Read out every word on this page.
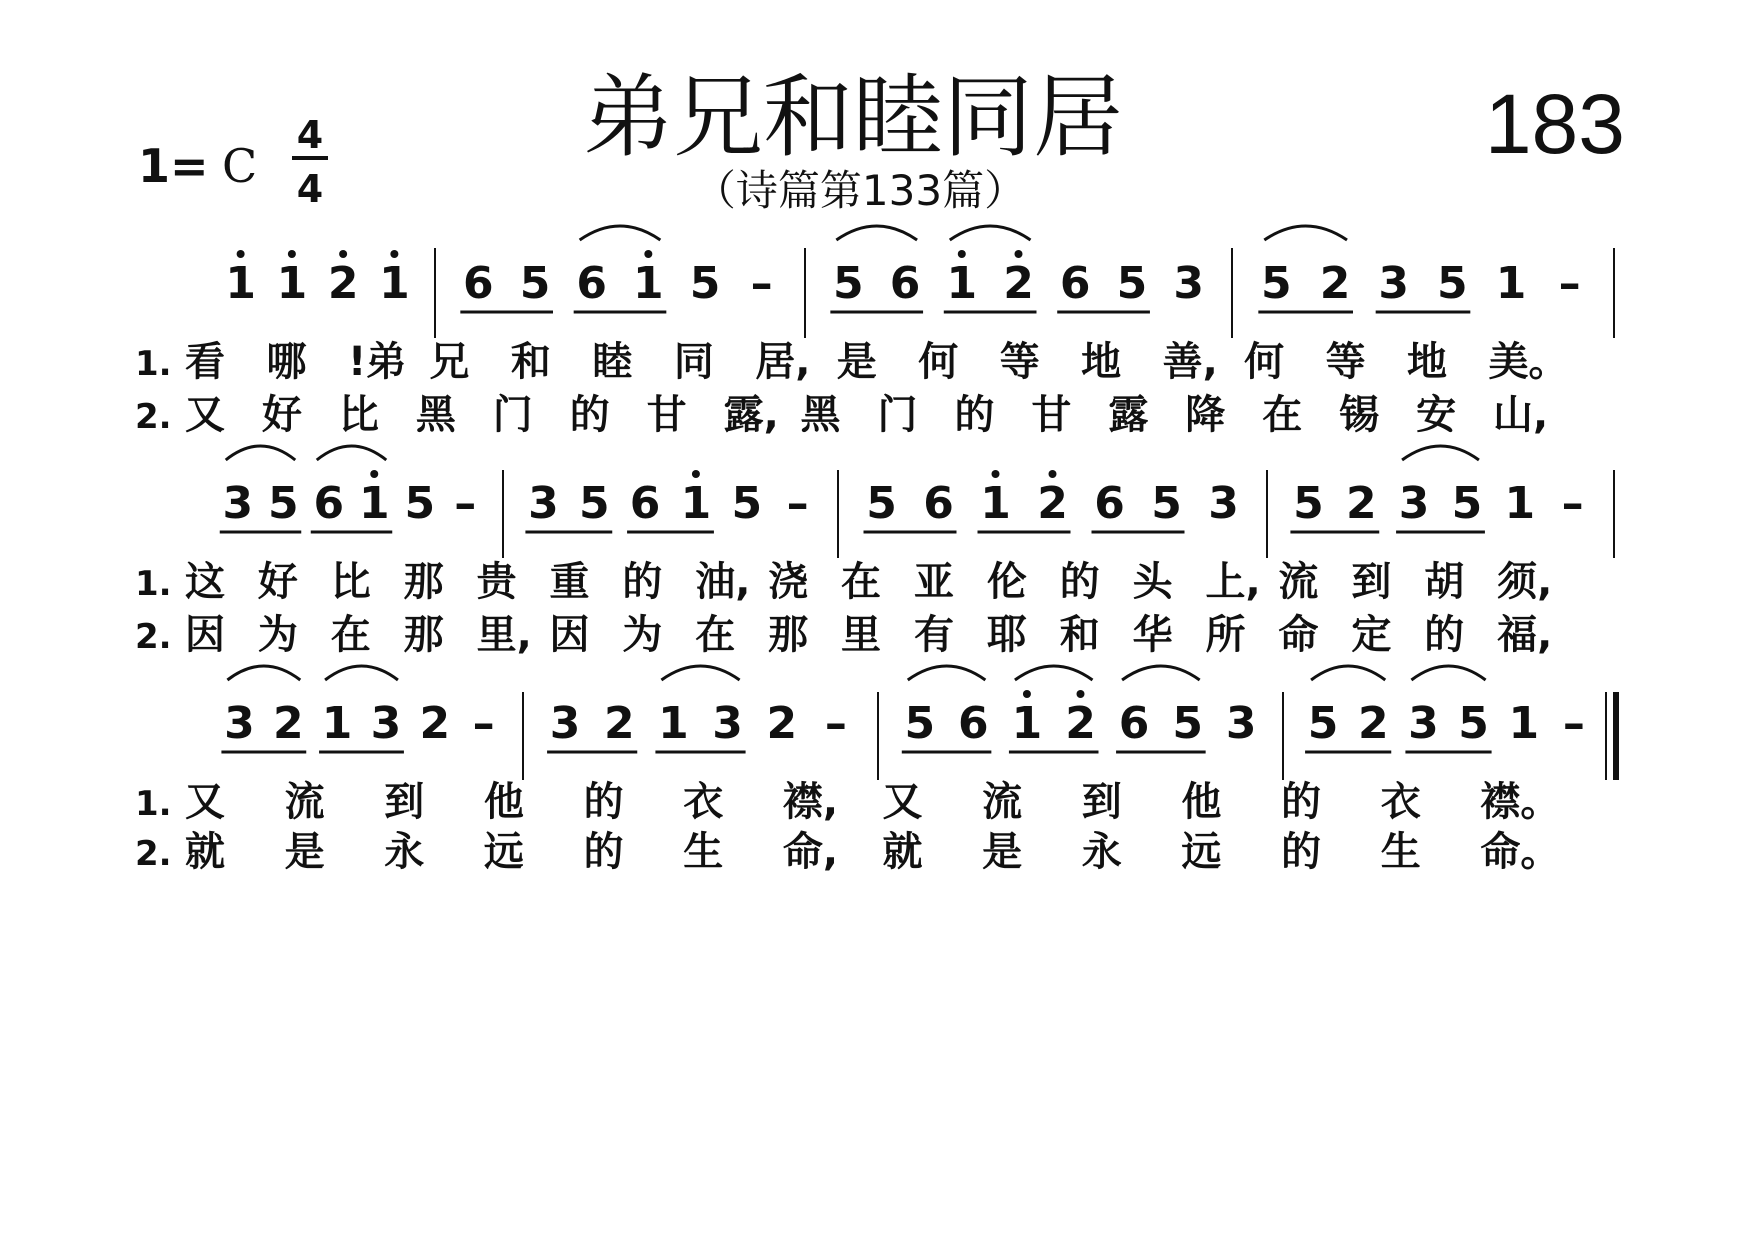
1= C
4
4
弟兄和睦同居
（诗篇第133篇）
183
1 1 2 1 6 5 6 1 5 – 5 6 1 2 6 5 3 5 2 3 5 1 –
1. 看 哪 !弟 兄 和 睦 同 居, 是 何 等 地 善, 何 等 地 美。
2. 又 好 比 黑 门 的 甘 露, 黑 门 的 甘 露 降 在 锡 安 山,
3 5 6 1 5 – 3 5 6 1 5 – 5 6 1 2 6 5 3 5 2 3 5 1 –
1. 这 好 比 那 贵 重 的 油, 浇 在 亚 伦 的 头 上, 流 到 胡 须,
2. 因 为 在 那 里, 因 为 在 那 里 有 耶 和 华 所 命 定 的 福,
3 2 1 3 2 – 3 2 1 3 2 – 5 6 1 2 6 5 3 5 2 3 5 1 –
1. 又 流 到 他 的 衣 襟, 又 流 到 他 的 衣 襟。
2. 就 是 永 远 的 生 命, 就 是 永 远 的 生 命。
